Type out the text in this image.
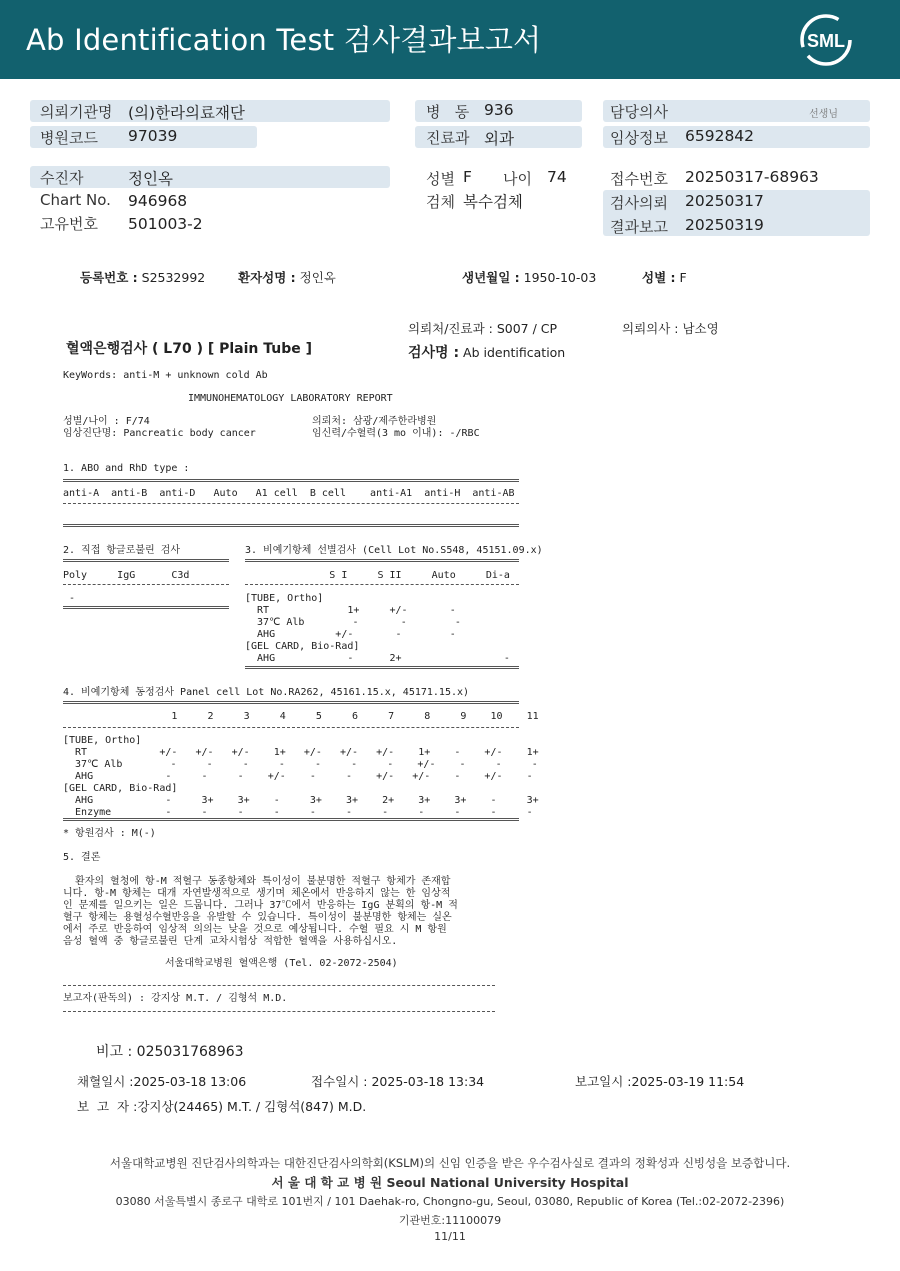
Ab Identification Test 검사결과보고서	SML
의뢰기관명 (의)한라의료재단	병   동 936	담당의사	선생님
병원코드 97039	진료과 외과	임상정보 6592842
수진자	정인옥	성별 F 나이 74	접수번호 20250317-68963
Chart No. 946968	검체 복수검체	검사의뢰 20250317
고유번호 501003-2	결과보고 20250319
등록번호 : S2532992	환자성명 : 정인옥	생년월일 : 1950-10-03	성별 : F
의뢰처/진료과 : S007 / CP	의뢰의사 : 남소영
혈액은행검사 ( L70 ) [ Plain Tube ]	검사명 : Ab identification
KeyWords: anti-M + unknown cold Ab
IMMUNOHEMATOLOGY LABORATORY REPORT
성별/나이 : F/74
임상진단명: Pancreatic body cancer
의뢰처: 삼광/제주한라병원
임신력/수혈력(3 mo 이내): -/RBC
1. ABO and RhD type :
anti-A  anti-B  anti-D   Auto   A1 cell  B cell    anti-A1  anti-H  anti-AB
2. 직접 항글로불린 검사
Poly     IgG      C3d
-
3. 비예기항체 선별검사 (Cell Lot No.S548, 45151.09.x)
S I     S II     Auto     Di-a
[TUBE, Ortho]
RT             1+     +/-       -
37℃ Alb        -       -        -
AHG          +/-       -        -
[GEL CARD, Bio-Rad]
AHG            -      2+                 -
4. 비예기항체 동정검사 Panel cell Lot No.RA262, 45161.15.x, 45171.15.x)
1     2     3     4     5     6     7     8     9    10    11
[TUBE, Ortho]
RT            +/-   +/-   +/-    1+   +/-   +/-   +/-    1+    -    +/-    1+
37℃ Alb        -     -     -     -     -     -     -    +/-    -     -     -
AHG            -     -     -    +/-    -     -    +/-   +/-    -    +/-    -
[GEL CARD, Bio-Rad]
AHG            -     3+    3+    -     3+    3+    2+    3+    3+    -     3+
Enzyme         -     -     -     -     -     -     -     -     -     -     -
* 항원검사 : M(-)
5. 결론
환자의 혈청에 항-M 적혈구 동종항체와 특이성이 불분명한 적혈구 항체가 존재합
니다. 항-M 항체는 대개 자연발생적으로 생기며 체온에서 반응하지 않는 한 임상적
인 문제를 일으키는 일은 드뭅니다. 그러나 37℃에서 반응하는 IgG 분획의 항-M 적
혈구 항체는 용혈성수혈반응을 유발할 수 있습니다. 특이성이 불분명한 항체는 실온
에서 주로 반응하여 임상적 의의는 낮을 것으로 예상됩니다. 수혈 필요 시 M 항원
음성 혈액 중 항글로불린 단계 교차시험상 적합한 혈액을 사용하십시오.
서울대학교병원 혈액은행 (Tel. 02-2072-2504)
보고자(판독의) : 강지상 M.T. / 김형석 M.D.
비고 : 025031768963
채혈일시 :2025-03-18 13:06	접수일시 : 2025-03-18 13:34	보고일시 :2025-03-19 11:54
보  고  자 :강지상(24465) M.T. / 김형석(847) M.D.
서울대학교병원 진단검사의학과는 대한진단검사의학회(KSLM)의 신임 인증을 받은 우수검사실로 결과의 정확성과 신빙성을 보증합니다.
서 울 대 학 교 병 원 Seoul National University Hospital
03080 서울특별시 종로구 대학로 101번지 / 101 Daehak-ro, Chongno-gu, Seoul, 03080, Republic of Korea (Tel.:02-2072-2396)
기관번호:11100079
11/11
